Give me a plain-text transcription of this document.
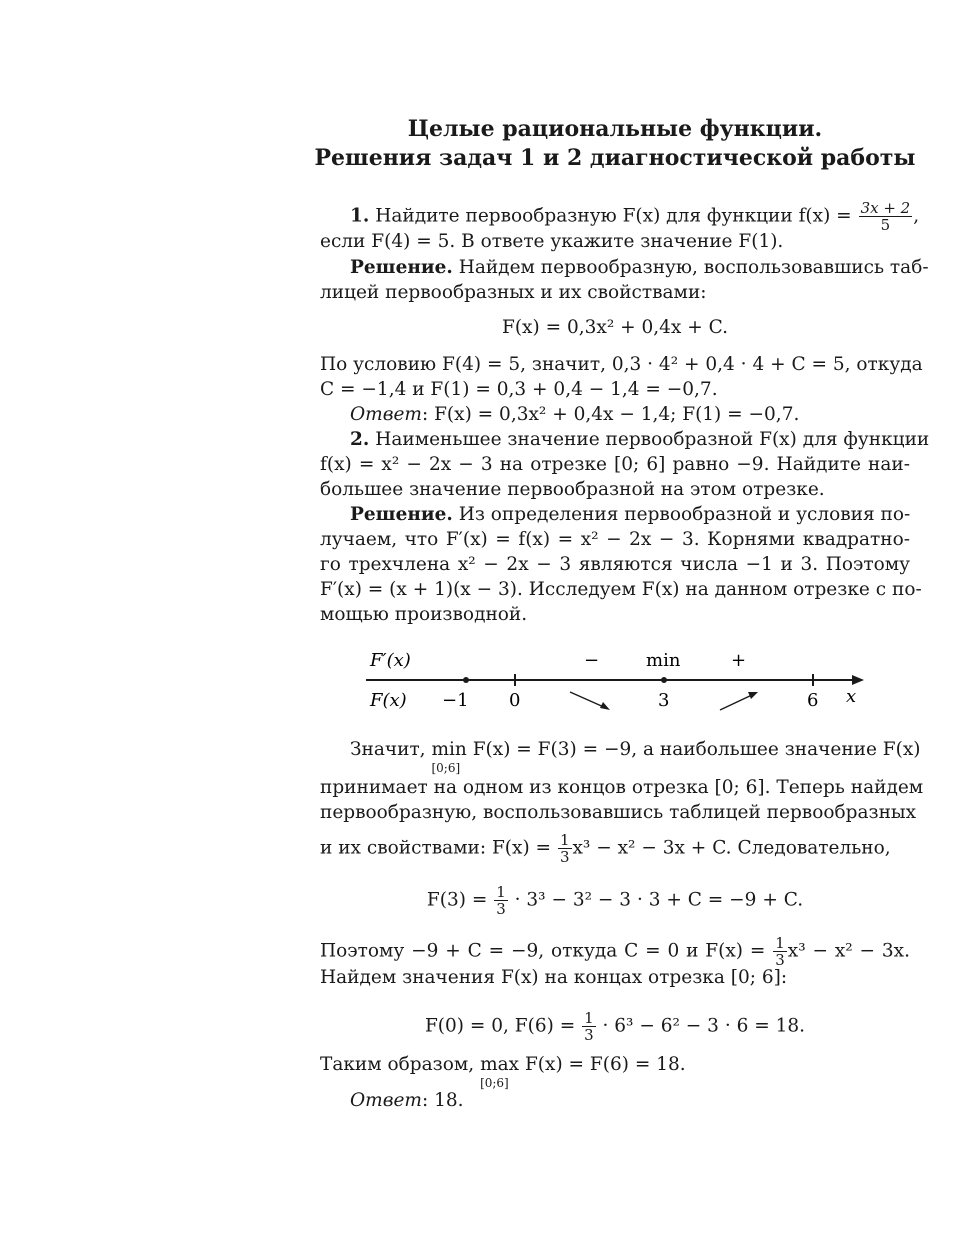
Целые рациональные функции.
Решения задач 1 и 2 диагностической работы
1. Найдите первообразную F(x) для функции $f(x) = \frac{3x + 2}{5}$ ,
если F(4) = 5. В ответе укажите значение F(1).
Решение. Найдем первообразную, воспользовавшись таб-
лицей первообразных и их свойствами:
F(x) = 0,3x² + 0,4x + C.
По условию F(4) = 5, значит, 0,3 · 4² + 0,4 · 4 + C = 5, откуда
C = −1,4 и F(1) = 0,3 + 0,4 − 1,4 = −0,7.
Ответ: F(x) = 0,3x² + 0,4x − 1,4; F(1) = −0,7.
2. Наименьшее значение первообразной F(x) для функции
f(x) = x² − 2x − 3 на отрезке [0; 6] равно −9. Найдите наи-
большее значение первообразной на этом отрезке.
Решение. Из определения первообразной и условия по-
лучаем, что F′(x) = f(x) = x² − 2x − 3. Корнями квадратно-
го трехчлена x² − 2x − 3 являются числа −1 и 3. Поэтому
F′(x) = (x + 1)(x − 3). Исследуем F(x) на данном отрезке с по-
мощью производной.
F′(x)
F(x)
−	min	+
−1 0	3	6 x
Значит, min
[0;6]
F(x) = F(3) = −9, а наибольшее значение F(x)
принимает на одном из концов отрезка [0; 6]. Теперь найдем
первообразную, воспользовавшись таблицей первообразных
и их свойствами: $F(x) = \frac{1}{3} x^3 - x^2 - 3x + C$. Следовательно,
$F(3) = \frac{1}{3} \cdot 3^3 - 3^2 - 3 \cdot 3 + C = -9 + C$.
Поэтому −9 + C = −9, откуда C = 0 и $F(x) = \frac{1}{3} x^3 - x^2 - 3x$.
Найдем значения F(x) на концах отрезка [0; 6]:
F(0) = 0, $F(6) = \frac{1}{3} \cdot 6^3 - 6^2 - 3 \cdot 6 = 18$.
Таким образом, max
[0;6]
F(x) = F(6) = 18.
Ответ: 18.
